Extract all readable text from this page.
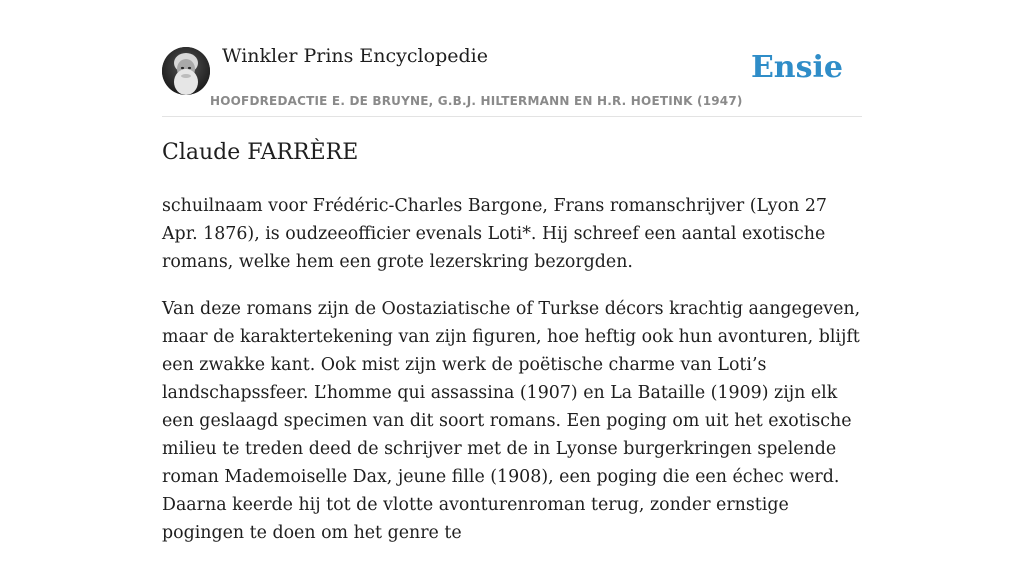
Winkler Prins Encyclopedie
HOOFDREDACTIE E. DE BRUYNE, G.B.J. HILTERMANN EN H.R. HOETINK (1947)
Ensie
Claude FARRÈRE

schuilnaam voor Frédéric-Charles Bargone, Frans romanschrijver (Lyon 27 Apr. 1876), is oudzeeofficier evenals Loti*. Hij schreef een aantal exotische romans, welke hem een grote lezerskring bezorgden.

Van deze romans zijn de Oostaziatische of Turkse décors krachtig aangegeven, maar de karaktertekening van zijn figuren, hoe heftig ook hun avonturen, blijft een zwakke kant. Ook mist zijn werk de poëtische charme van Loti’s landschapssfeer. L’homme qui assassina (1907) en La Bataille (1909) zijn elk een geslaagd specimen van dit soort romans. Een poging om uit het exotische milieu te treden deed de schrijver met de in Lyonse burgerkringen spelende roman Mademoiselle Dax, jeune fille (1908), een poging die een échec werd. Daarna keerde hij tot de vlotte avonturenroman terug, zonder ernstige pogingen te doen om het genre te
